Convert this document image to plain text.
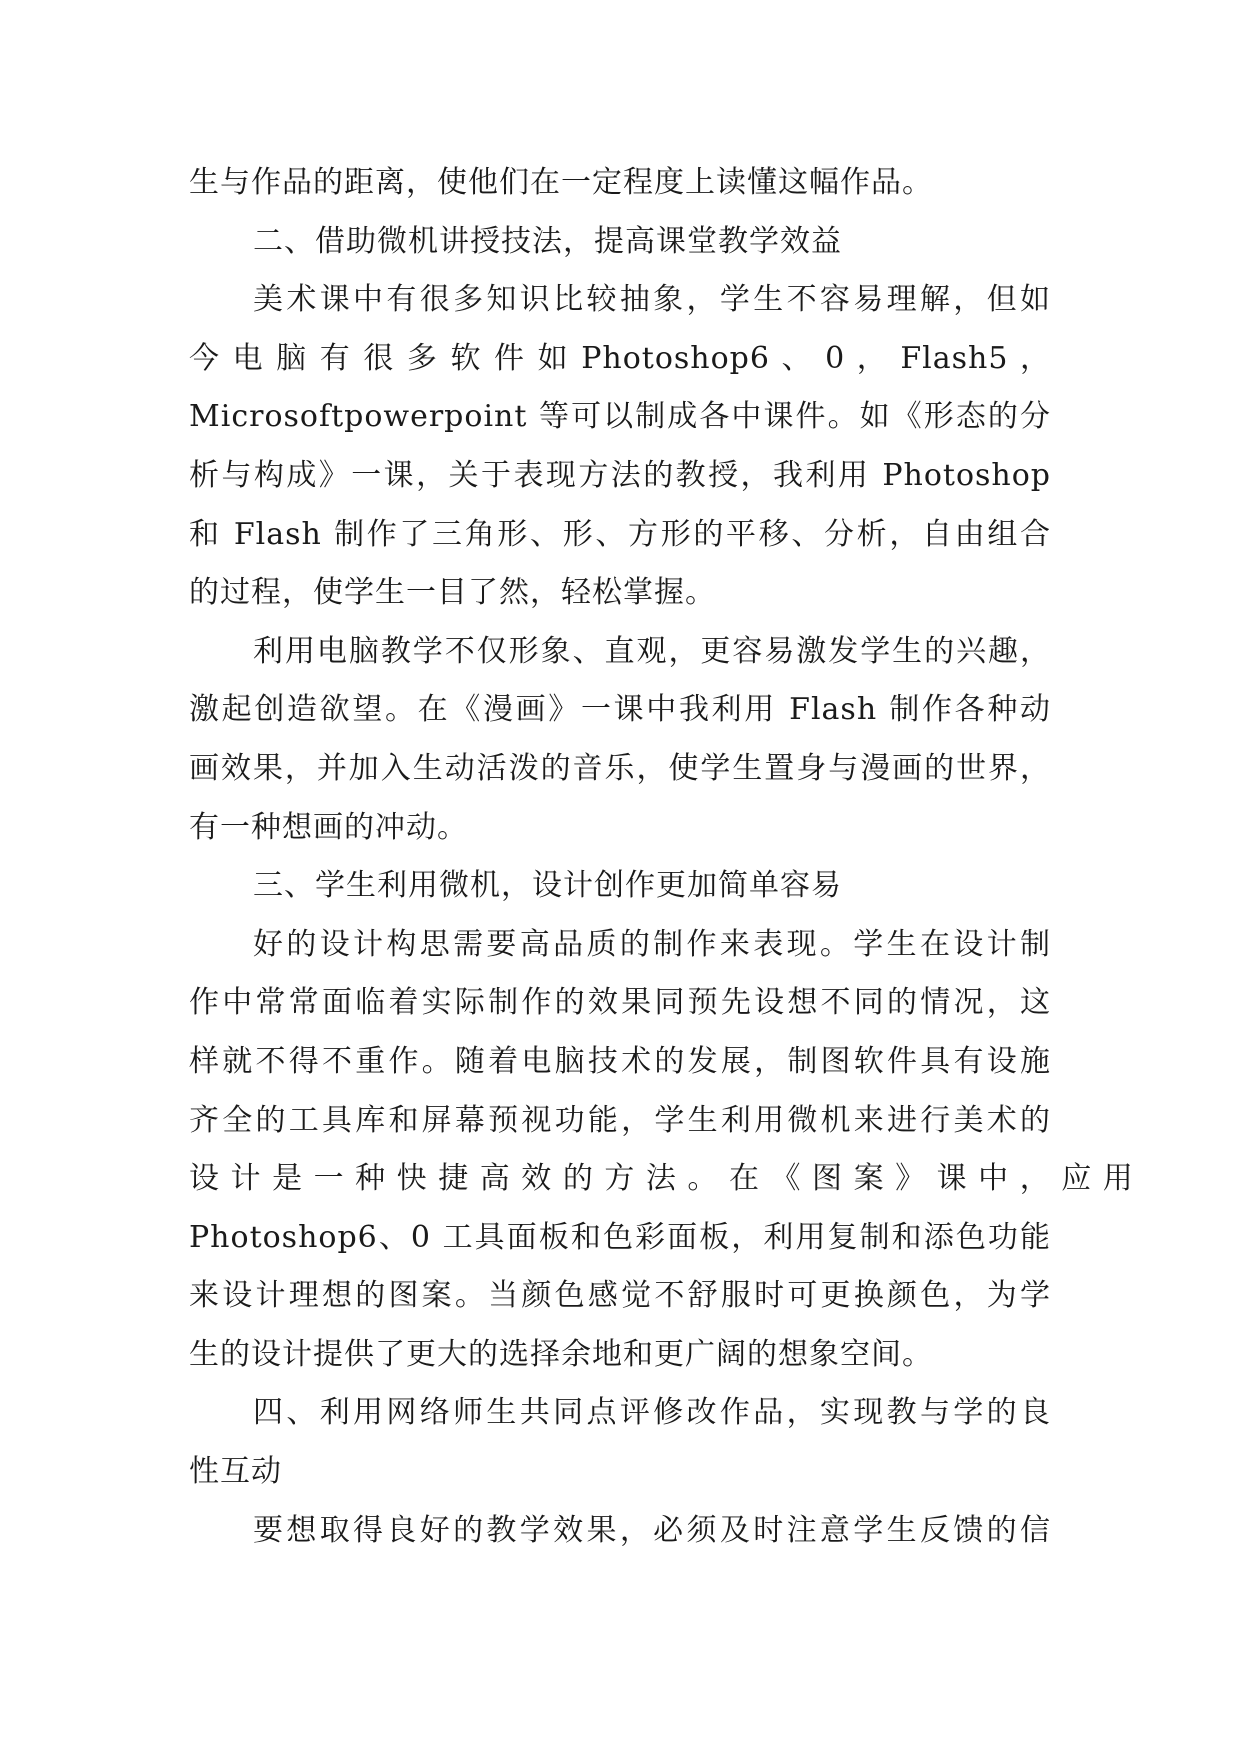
生与作品的距离，使他们在一定程度上读懂这幅作品。
二、借助微机讲授技法，提高课堂教学效益
美术课中有很多知识比较抽象，学生不容易理解，但如
今 电 脑 有 很 多 软 件 如 Photoshop6 、 0 ， Flash5 ，
Microsoftpowerpoint 等可以制成各中课件。如《形态的分
析与构成》一课，关于表现方法的教授，我利用 Photoshop
和 Flash 制作了三角形、形、方形的平移、分析，自由组合
的过程，使学生一目了然，轻松掌握。
利用电脑教学不仅形象、直观，更容易激发学生的兴趣，
激起创造欲望。在《漫画》一课中我利用 Flash 制作各种动
画效果，并加入生动活泼的音乐，使学生置身与漫画的世界，
有一种想画的冲动。
三、学生利用微机，设计创作更加简单容易
好的设计构思需要高品质的制作来表现。学生在设计制
作中常常面临着实际制作的效果同预先设想不同的情况，这
样就不得不重作。随着电脑技术的发展，制图软件具有设施
齐全的工具库和屏幕预视功能，学生利用微机来进行美术的
设 计 是 一 种 快 捷 高 效 的 方 法 。 在 《 图 案 》 课 中 ， 应 用
Photoshop6、0 工具面板和色彩面板，利用复制和添色功能
来设计理想的图案。当颜色感觉不舒服时可更换颜色，为学
生的设计提供了更大的选择余地和更广阔的想象空间。
四、利用网络师生共同点评修改作品，实现教与学的良
性互动
要想取得良好的教学效果，必须及时注意学生反馈的信
